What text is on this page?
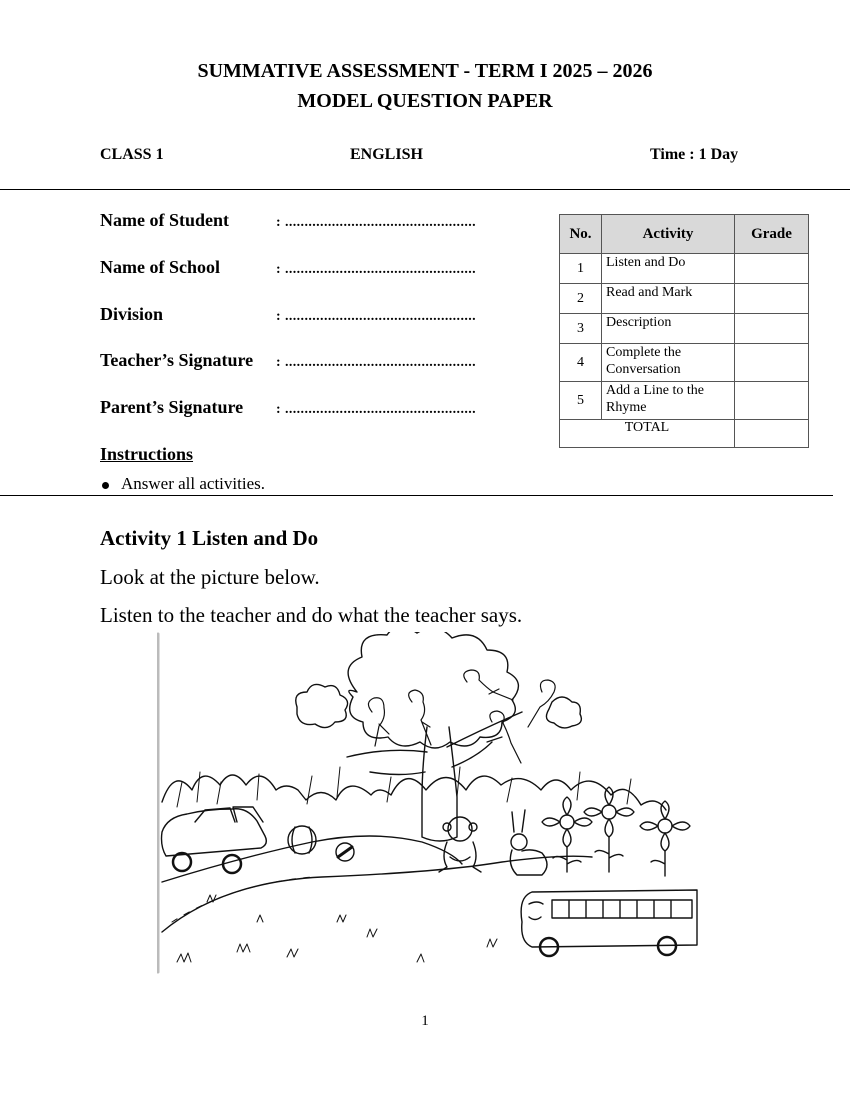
SUMMATIVE ASSESSMENT - TERM I 2025 – 2026
MODEL QUESTION PAPER
CLASS 1	ENGLISH	Time : 1 Day
Name of Student	: .................................................
Name of School	: .................................................
Division	: .................................................
Teacher’s Signature : .................................................
Parent’s Signature : .................................................
No.	Activity	Grade
1	Listen and Do	
2	Read and Mark	
3	Description	
4	Complete the Conversation	
5	Add a Line to the Rhyme	
TOTAL		
Instructions
Answer all activities.
Activity 1 Listen and Do
Look at the picture below.
Listen to the teacher and do what the teacher says.
1
